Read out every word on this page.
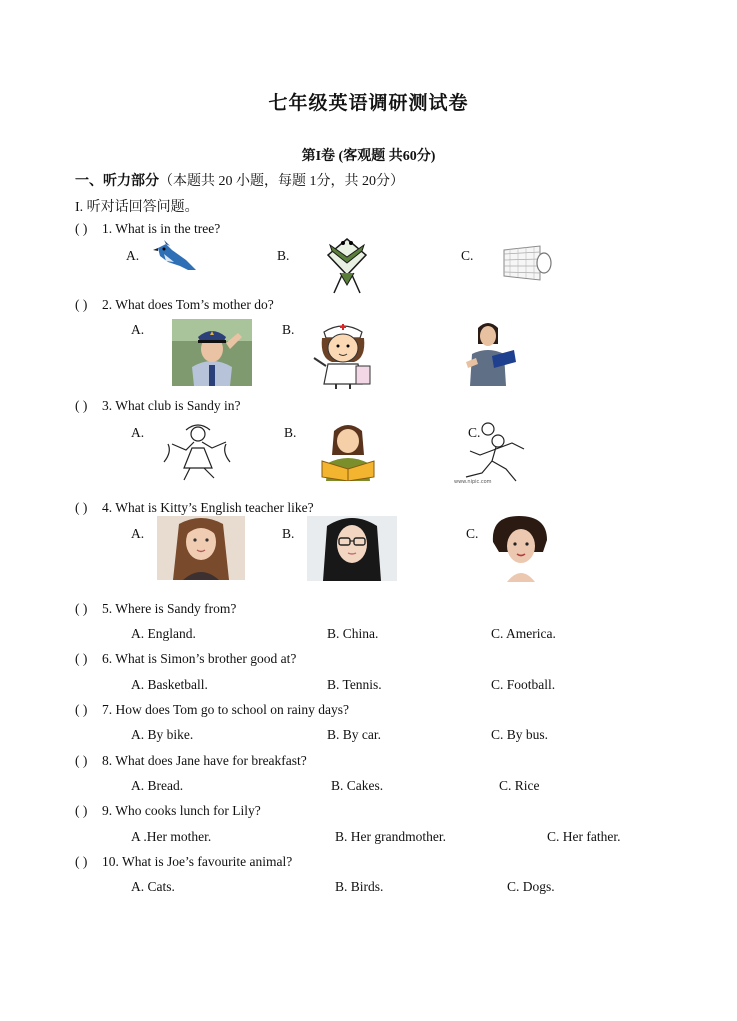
七年级英语调研测试卷
第I卷 (客观题 共60分)
一、听力部分（本题共 20 小题，每题 1分，共 20分）
I. 听对话回答问题。
( ) 1. What is in the tree?
A.	B.	C.
( ) 2. What does Tom’s mother do?
A.	B.
( ) 3. What club is Sandy in?
A.	B.	C.
www.nipic.com
( ) 4. What is Kitty’s English teacher like?
A.	B.	C.
( ) 5. Where is Sandy from?
A. England.	B. China.	C. America.
( ) 6. What is Simon’s brother good at?
A. Basketball.	B. Tennis.	C. Football.
( ) 7. How does Tom go to school on rainy days?
A. By bike.	B. By car.	C. By bus.
( ) 8. What does Jane have for breakfast?
A. Bread.	B. Cakes.	C. Rice
( ) 9. Who cooks lunch for Lily?
A .Her mother.	B. Her grandmother.	C. Her father.
( ) 10. What is Joe’s favourite animal?
A. Cats.	B. Birds.	C. Dogs.
